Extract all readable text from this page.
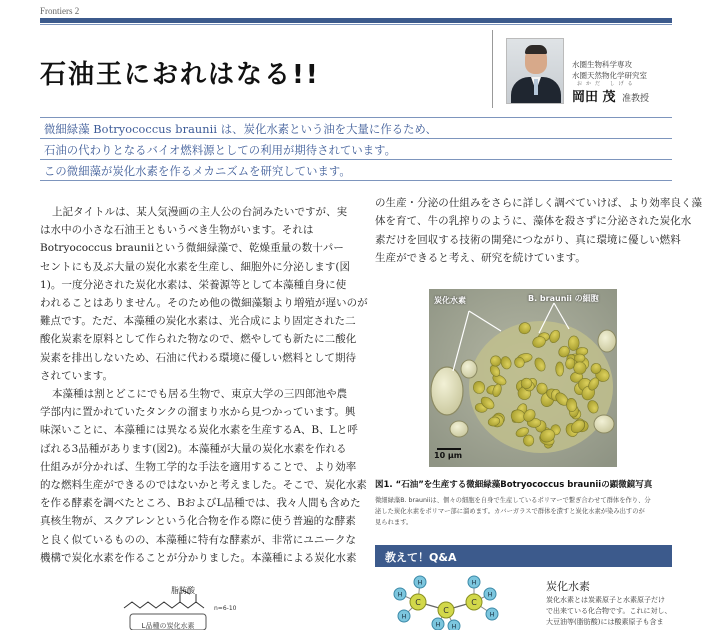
Frontiers 2
石油王におれはなる!!	水圏生物科学専攻
水圏天然物化学研究室
おかだ しげる
岡田 茂 准教授
微細緑藻 Botryococcus braunii は、炭化水素という油を大量に作るため、
石油の代わりとなるバイオ燃料源としての利用が期待されています。
この微細藻が炭化水素を作るメカニズムを研究しています。
上記タイトルは、某人気漫画の主人公の台詞みたいですが、実
は水中の小さな石油王ともいうべき生物がいます。それは
Botryococcus brauniiという微細緑藻で、乾燥重量の数十パー
セントにも及ぶ大量の炭化水素を生産し、細胞外に分泌します(図
1)。一度分泌された炭化水素は、栄養源等として本藻種自身に使
われることはありません。そのため他の微細藻類より増殖が遅いのが
難点です。ただ、本藻種の炭化水素は、光合成により固定された二
酸化炭素を原料として作られた物なので、燃やしても新たに二酸化
炭素を排出しないため、石油に代わる環境に優しい燃料として期待
されています。
本藻種は割とどこにでも居る生物で、東京大学の三四郎池や農
学部内に置かれていたタンクの溜まり水から見つかっています。興
味深いことに、本藻種には異なる炭化水素を生産するA、B、Lと呼
ばれる3品種があります(図2)。本藻種が大量の炭化水素を作れる
仕組みが分かれば、生物工学的な手法を適用することで、より効率
的な燃料生産ができるのではないかと考えました。そこで、炭化水素
を作る酵素を調べたところ、BおよびL品種では、我々人間も含めた
真核生物が、スクアレンという化合物を作る際に使う普遍的な酵素
と良く似ているものの、本藻種に特有な酵素が、非常にユニークな
機構で炭化水素を作ることが分かりました。本藻種による炭化水素
の生産・分泌の仕組みをさらに詳しく調べていけば、より効率良く藻
体を育て、牛の乳搾りのように、藻体を殺さずに分泌された炭化水
素だけを回収する技術の開発につながり、真に環境に優しい燃料
生産ができると考え、研究を続けています。
炭化水素	B. braunii の細胞
10 μm
図1. “石油”を生産する微細緑藻Botryococcus brauniiの顕微鏡写真
微細緑藻B. brauniiは、個々の細胞を自身で生産しているポリマーで繋ぎ合わせて群体を作り、分
泌した炭化水素をポリマー部に溜めます。カバーガラスで群体を潰すと炭化水素が染み出すのが
見られます。
教えて！Q&A
H
H
H
H H
H
H
H
C
C
C
炭化水素
炭化水素とは炭素原子と水素原子だけ
で出来ている化合物です。これに対し、
大豆油等(脂肪酸)には酸素原子も含ま
L品種の炭化水素
n=6-10
脂肪酸
